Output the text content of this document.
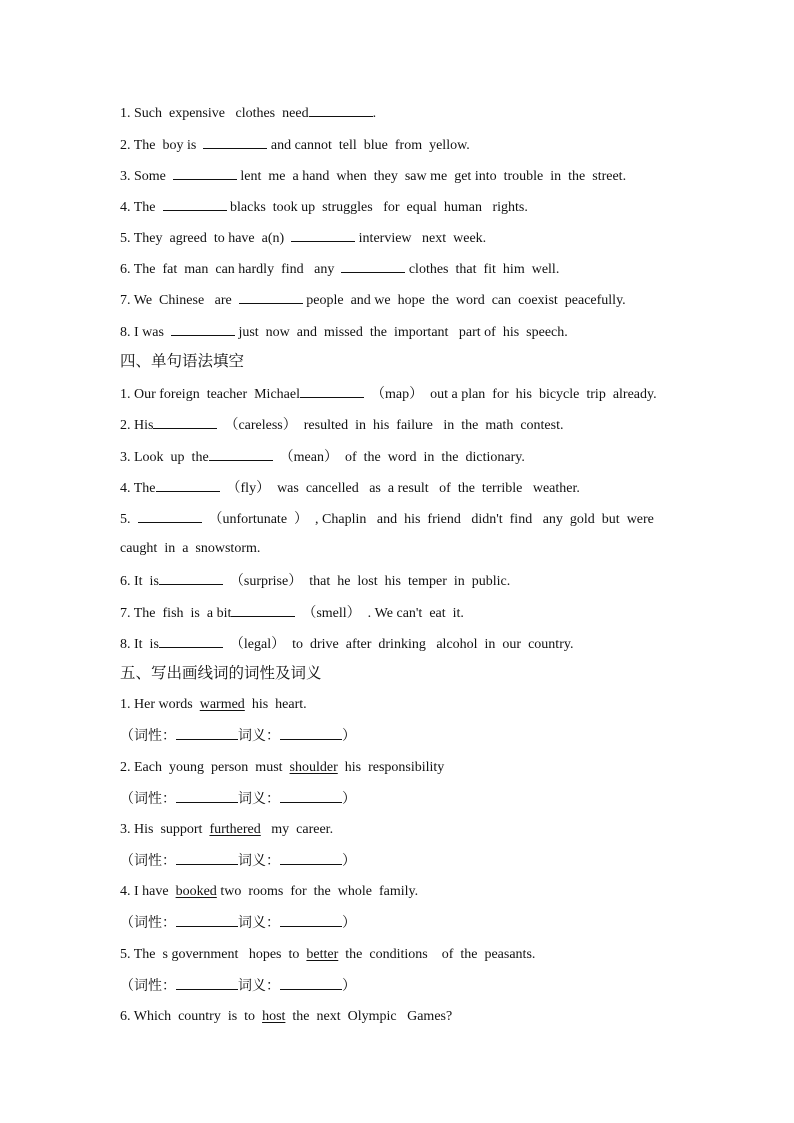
1. Such  expensive   clothes  need	.
2. The  boy is	and cannot  tell  blue  from  yellow.
3. Some	lent  me  a hand  when  they  saw me  get into  trouble  in  the  street.
4. The	blacks  took up  struggles   for  equal  human   rights.
5. They  agreed  to have  a(n)	interview   next  week.
6. The  fat  man  can hardly  find   any	clothes  that  fit  him  well.
7. We  Chinese   are	people  and we  hope  the  word  can  coexist  peacefully.
8. I was	just  now  and  missed  the  important   part of  his  speech.
四、单句语法填空
1. Our foreign  teacher  Michael	（map）  out a plan  for  his  bicycle  trip  already.
2. His	（careless）  resulted  in  his  failure   in  the  math  contest.
3. Look  up  the	（mean）  of  the  word  in  the  dictionary.
4. The	（fly）  was  cancelled   as  a result   of  the  terrible   weather.
5.	（unfortunate  ）  , Chaplin   and  his  friend   didn't  find   any  gold  but  were
caught  in  a  snowstorm.
6. It  is	（surprise）  that  he  lost  his  temper  in  public.
7. The  fish  is  a bit	（smell）  . We can't  eat  it.
8. It  is	（legal）  to  drive  after  drinking   alcohol  in  our  country.
五、写出画线词的词性及词义
1. Her words  warmed  his  heart.
（词性：	词义：	）
2. Each  young  person  must  shoulder  his  responsibility
（词性：	词义：	）
3. His  support  furthered   my  career.
（词性：	词义：	）
4. I have  booked two  rooms  for  the  whole  family.
（词性：	词义：	）
5. The  s government   hopes  to  better  the  conditions    of  the  peasants.
（词性：	词义：	）
6. Which  country  is  to  host  the  next  Olympic   Games?
